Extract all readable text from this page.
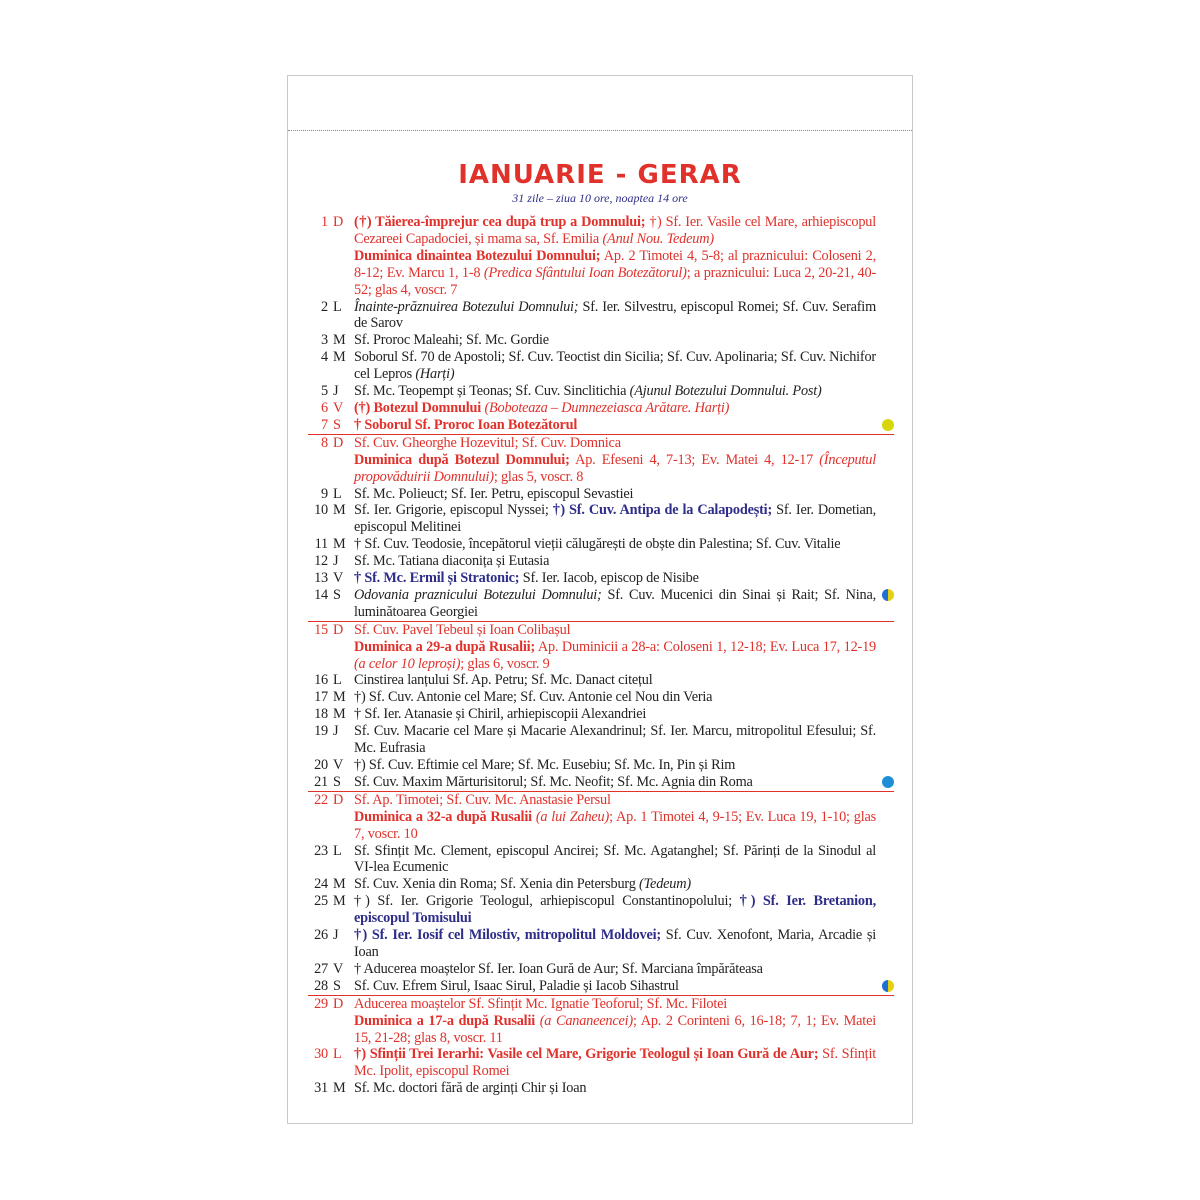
IANUARIE - GERAR
31 zile – ziua 10 ore, noaptea 14 ore
1 D (†) Tăierea-împrejur cea după trup a Domnului; †) Sf. Ier. Vasile cel Mare, arhiepiscopul Cezareei Capadociei, și mama sa, Sf. Emilia (Anul Nou. Tedeum)

Duminica dinaintea Botezului Domnului; Ap. 2 Timotei 4, 5-8; al praznicului: Coloseni 2, 8-12; Ev. Marcu 1, 1-8 (Predica Sfântului Ioan Botezătorul); a praznicului: Luca 2, 20-21, 40-52; glas 4, voscr. 7

2 L Înainte-prăznuirea Botezului Domnului; Sf. Ier. Silvestru, episcopul Romei; Sf. Cuv. Serafim de Sarov

3 M Sf. Proroc Maleahi; Sf. Mc. Gordie

4 M Soborul Sf. 70 de Apostoli; Sf. Cuv. Teoctist din Sicilia; Sf. Cuv. Apolinaria; Sf. Cuv. Nichifor cel Lepros (Harți)

5 J	Sf. Mc. Teopempt și Teonas; Sf. Cuv. Sinclitichia (Ajunul Botezului Domnului. Post)

6 V (†) Botezul Domnului (Boboteaza – Dumnezeiasca Arătare. Harți)

7 S † Soborul Sf. Proroc Ioan Botezătorul

8 D Sf. Cuv. Gheorghe Hozevitul; Sf. Cuv. Domnica

Duminica după Botezul Domnului; Ap. Efeseni 4, 7-13; Ev. Matei 4, 12-17 (Începutul propovăduirii Domnului); glas 5, voscr. 8

9 L Sf. Mc. Polieuct; Sf. Ier. Petru, episcopul Sevastiei

10 M Sf. Ier. Grigorie, episcopul Nyssei; †) Sf. Cuv. Antipa de la Calapodești; Sf. Ier. Dometian, episcopul Melitinei

11 M † Sf. Cuv. Teodosie, începătorul vieții călugărești de obște din Palestina; Sf. Cuv. Vitalie

12 J	Sf. Mc. Tatiana diaconița și Eutasia

13 V † Sf. Mc. Ermil și Stratonic; Sf. Ier. Iacob, episcop de Nisibe

14 S Odovania praznicului Botezului Domnului; Sf. Cuv. Mucenici din Sinai și Rait; Sf. Nina, luminătoarea Georgiei

15 D Sf. Cuv. Pavel Tebeul și Ioan Colibașul

Duminica a 29-a după Rusalii; Ap. Duminicii a 28-a: Coloseni 1, 12-18; Ev. Luca 17, 12-19 (a celor 10 leproși); glas 6, voscr. 9

16 L Cinstirea lanțului Sf. Ap. Petru; Sf. Mc. Danact citețul

17 M †) Sf. Cuv. Antonie cel Mare; Sf. Cuv. Antonie cel Nou din Veria

18 M † Sf. Ier. Atanasie și Chiril, arhiepiscopii Alexandriei

19 J	Sf. Cuv. Macarie cel Mare și Macarie Alexandrinul; Sf. Ier. Marcu, mitropolitul Efesului; Sf. Mc. Eufrasia

20 V †) Sf. Cuv. Eftimie cel Mare; Sf. Mc. Eusebiu; Sf. Mc. In, Pin și Rim

21 S Sf. Cuv. Maxim Mărturisitorul; Sf. Mc. Neofit; Sf. Mc. Agnia din Roma

22 D Sf. Ap. Timotei; Sf. Cuv. Mc. Anastasie Persul

Duminica a 32-a după Rusalii (a lui Zaheu); Ap. 1 Timotei 4, 9-15; Ev. Luca 19, 1-10; glas 7, voscr. 10

23 L Sf. Sfințit Mc. Clement, episcopul Ancirei; Sf. Mc. Agatanghel; Sf. Părinți de la Sinodul al VI-lea Ecumenic

24 M Sf. Cuv. Xenia din Roma; Sf. Xenia din Petersburg (Tedeum)

25 M †) Sf. Ier. Grigorie Teologul, arhiepiscopul Constantinopolului; †) Sf. Ier. Bretanion, episcopul Tomisului

26 J	†) Sf. Ier. Iosif cel Milostiv, mitropolitul Moldovei; Sf. Cuv. Xenofont, Maria, Arcadie și Ioan

27 V † Aducerea moaștelor Sf. Ier. Ioan Gură de Aur; Sf. Marciana împărăteasa

28 S Sf. Cuv. Efrem Sirul, Isaac Sirul, Paladie și Iacob Sihastrul

29 D Aducerea moaștelor Sf. Sfințit Mc. Ignatie Teoforul; Sf. Mc. Filotei

Duminica a 17-a după Rusalii (a Cananeencei); Ap. 2 Corinteni 6, 16-18; 7, 1; Ev. Matei 15, 21-28; glas 8, voscr. 11

30 L †) Sfinții Trei Ierarhi: Vasile cel Mare, Grigorie Teologul și Ioan Gură de Aur; Sf. Sfințit Mc. Ipolit, episcopul Romei

31 M Sf. Mc. doctori fără de arginți Chir și Ioan
